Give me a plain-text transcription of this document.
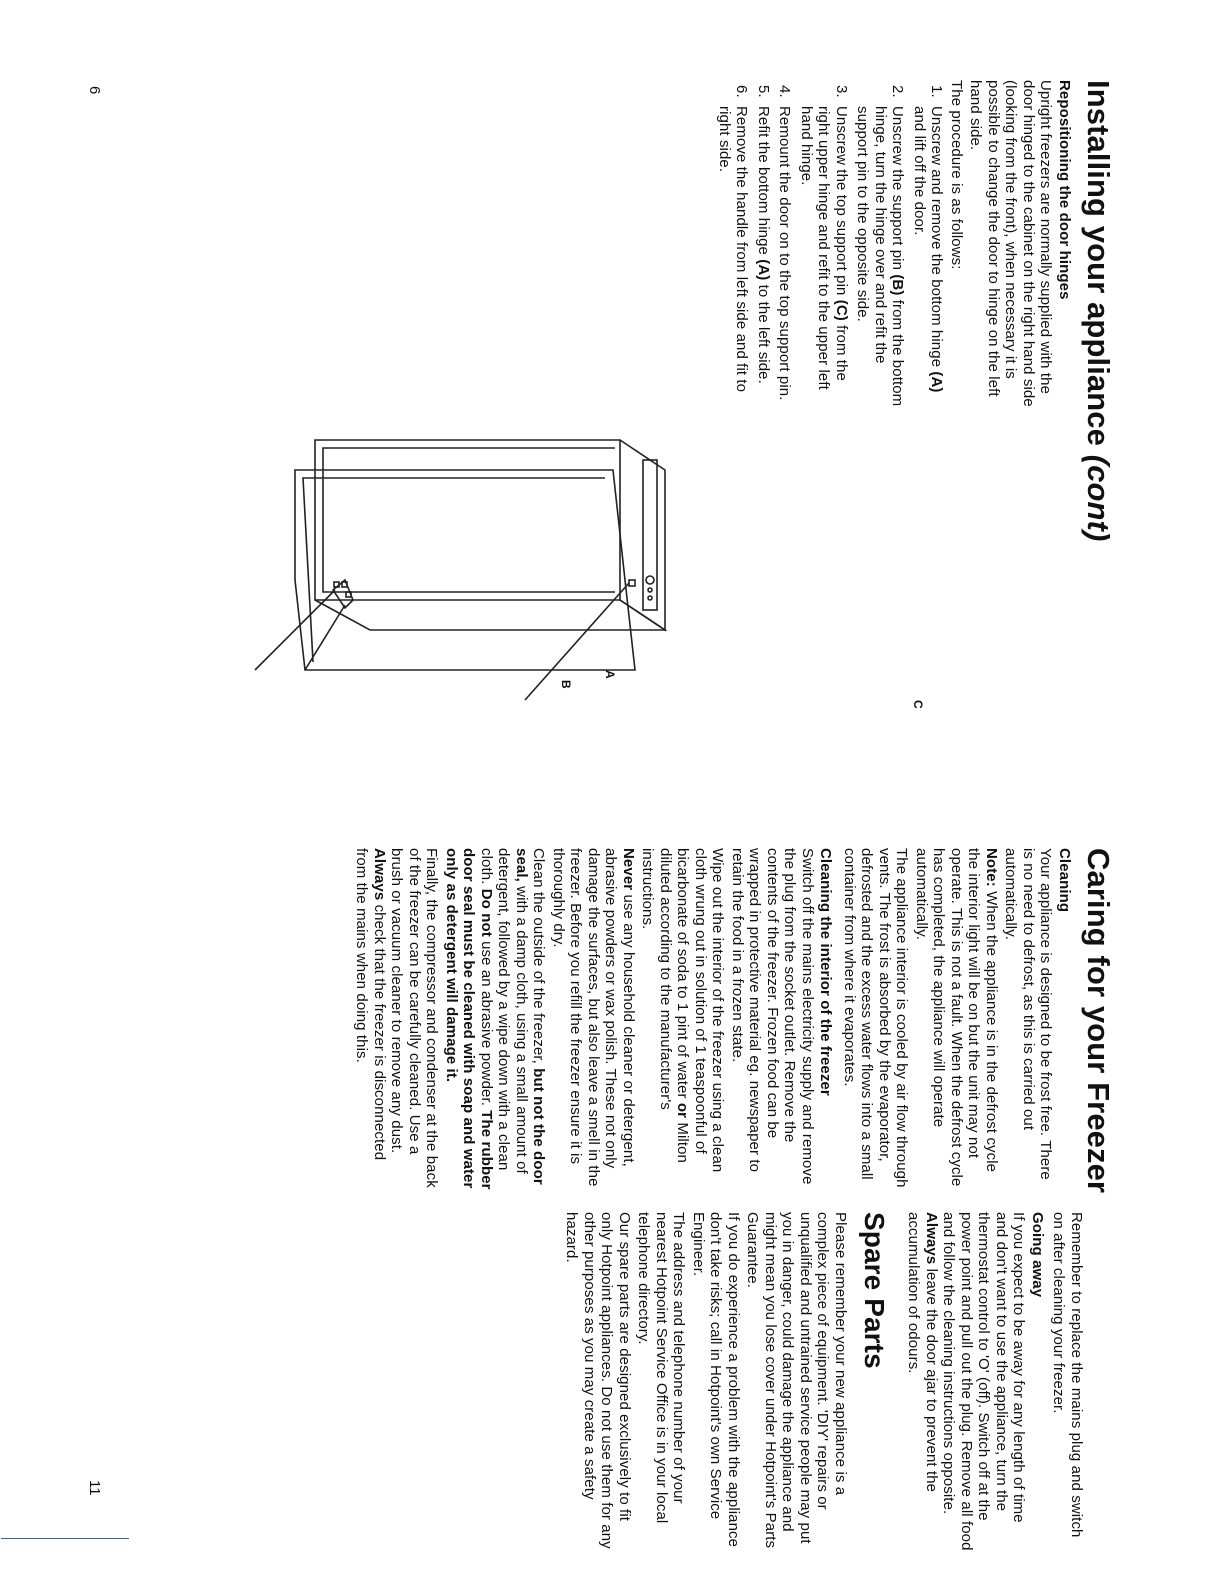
Installing your appliance (cont)
Repositioning the door hinges

Upright freezers are normally supplied with the door hinged to the cabinet on the right hand side (looking from the front), when necessary it is possible to change the door to hinge on the left hand side.

The procedure is as follows:

1. Unscrew and remove the bottom hinge (A) and lift off the door.
2. Unscrew the support pin (B) from the bottom hinge, turn the hinge over and refit the support pin to the opposite side.
3. Unscrew the top support pin (C) from the right upper hinge and refit to the upper left hand hinge.
4. Remount the door on to the top support pin.
5. Refit the bottom hinge (A) to the left side.
6. Remove the handle from left side and fit to right side.
C
A
B
Caring for your Freezer
Cleaning

Your appliance is designed to be frost free. There is no need to defrost, as this is carried out automatically.

Note: When the appliance is in the defrost cycle the interior light will be on but the unit may not operate. This is not a fault. When the defrost cycle has completed, the appliance will operate automatically.

The appliance interior is cooled by air flow through vents. The frost is absorbed by the evaporator, defrosted and the excess water flows into a small container from where it evaporates.

Cleaning the interior of the freezer

Switch off the mains electricity supply and remove the plug from the socket outlet. Remove the contents of the freezer. Frozen food can be wrapped in protective material eg. newspaper to retain the food in a frozen state.

Wipe out the interior of the freezer using a clean cloth wrung out in solution of 1 teaspoonful of bicarbonate of soda to 1 pint of water or Milton diluted according to the manufacturer's instructions.

Never use any household cleaner or detergent, abrasive powders or wax polish. These not only damage the surfaces, but also leave a smell in the freezer. Before you refill the freezer ensure it is thoroughly dry.

Clean the outside of the freezer, but not the door seal, with a damp cloth, using a small amount of detergent, followed by a wipe down with a clean cloth. Do not use an abrasive powder. The rubber door seal must be cleaned with soap and water only as detergent will damage it.

Finally, the compressor and condenser at the back of the freezer can be carefully cleaned. Use a brush or vacuum cleaner to remove any dust. Always check that the freezer is disconnected from the mains when doing this.

Remember to replace the mains plug and switch on after cleaning your freezer.

Going away

If you expect to be away for any length of time and don't want to use the appliance, turn the thermostat control to 'O' (off). Switch off at the power point and pull out the plug. Remove all food and follow the cleaning instructions opposite. Always leave the door ajar to prevent the accumulation of odours.

Spare Parts

Please remember your new appliance is a complex piece of equipment. 'DIY' repairs or unqualified and untrained service people may put you in danger, could damage the appliance and might mean you lose cover under Hotpoint's Parts Guarantee.

If you do experience a problem with the appliance don't take risks; call in Hotpoint's own Service Engineer.

The address and telephone number of your nearest Hotpoint Service Office is in your local telephone directory.

Our spare parts are designed exclusively to fit only Hotpoint appliances. Do not use them for any other purposes as you may create a safety hazard.

6
11
